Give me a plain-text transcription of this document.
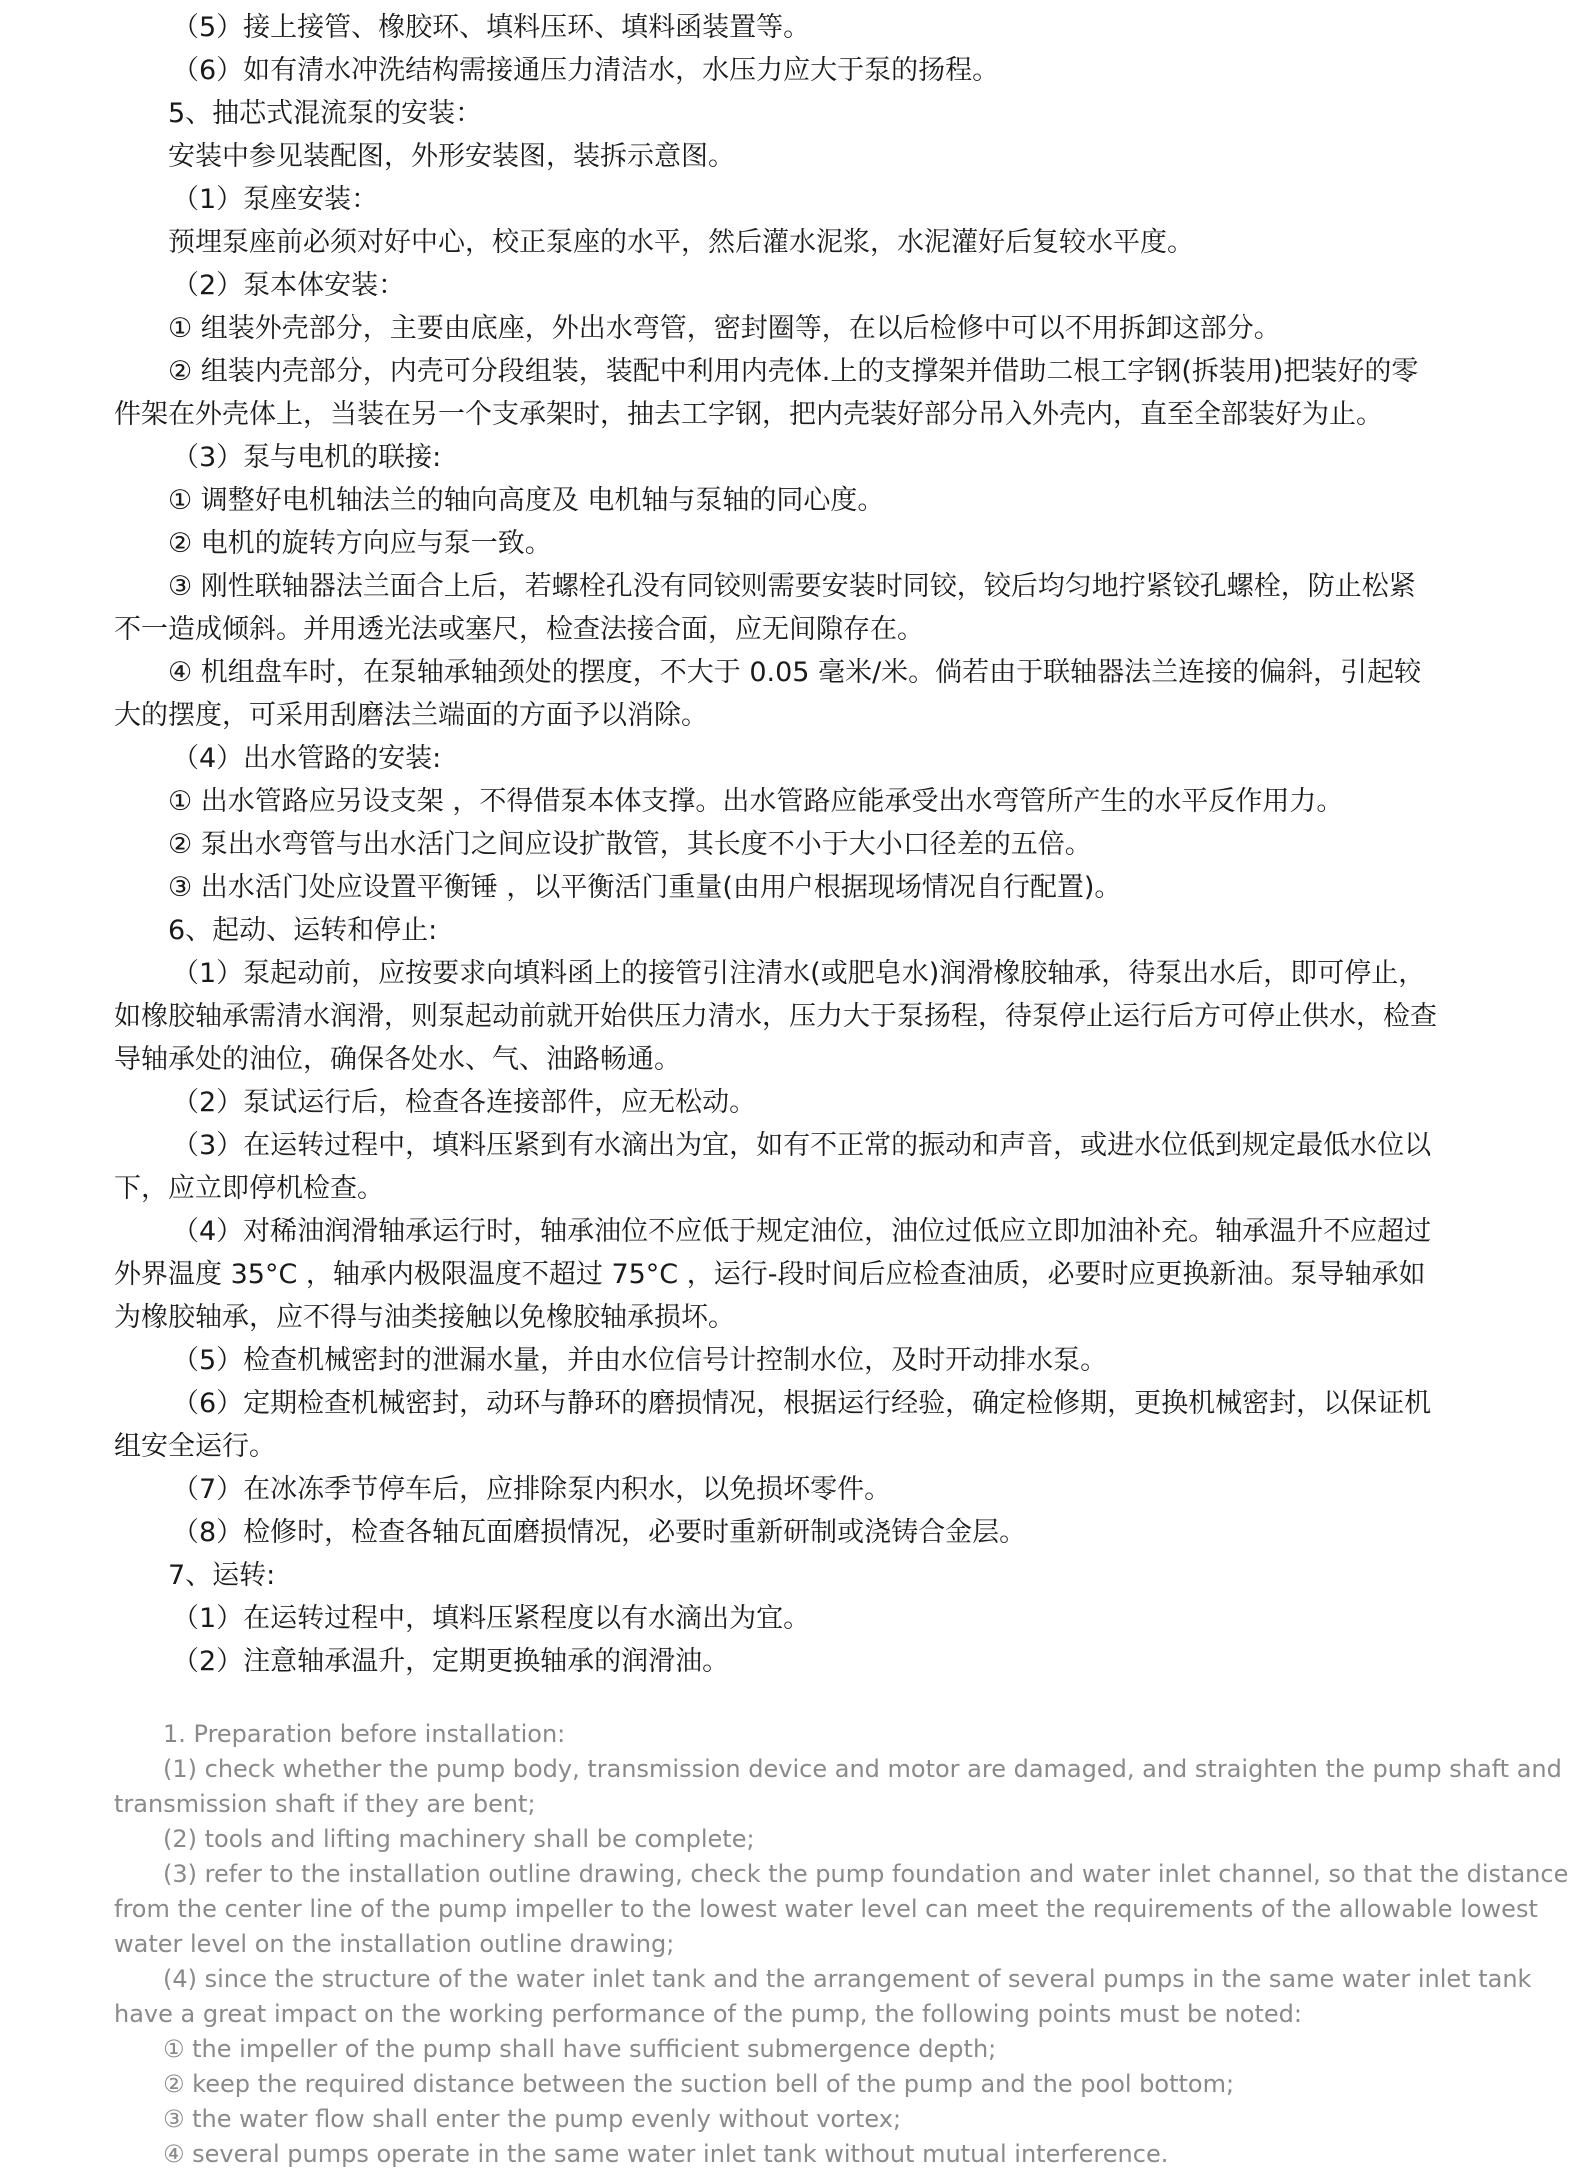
（5）接上接管、橡胶环、填料压环、填料函装置等。

（6）如有清水冲洗结构需接通压力清洁水，水压力应大于泵的扬程。

5、抽芯式混流泵的安装：

安装中参见装配图，外形安装图，装拆示意图。

（1）泵座安装：

预埋泵座前必须对好中心，校正泵座的水平，然后灌水泥浆，水泥灌好后复较水平度。

（2）泵本体安装：

① 组装外壳部分，主要由底座，外出水弯管，密封圈等，在以后检修中可以不用拆卸这部分。

② 组装内壳部分，内壳可分段组装，装配中利用内壳体.上的支撑架并借助二根工字钢(拆装用)把装好的零

件架在外壳体上，当装在另一个支承架时，抽去工字钢，把内壳装好部分吊入外壳内，直至全部装好为止。

（3）泵与电机的联接:

① 调整好电机轴法兰的轴向高度及 电机轴与泵轴的同心度。

② 电机的旋转方向应与泵一致。

③ 刚性联轴器法兰面合上后，若螺栓孔没有同铰则需要安装时同铰，铰后均匀地拧紧铰孔螺栓，防止松紧

不一造成倾斜。并用透光法或塞尺，检查法接合面，应无间隙存在。

④ 机组盘车时，在泵轴承轴颈处的摆度，不大于 0.05 毫米/米。倘若由于联轴器法兰连接的偏斜，引起较

大的摆度，可采用刮磨法兰端面的方面予以消除。

（4）出水管路的安装:

① 出水管路应另设支架 ，不得借泵本体支撑。出水管路应能承受出水弯管所产生的水平反作用力。

② 泵出水弯管与出水活门之间应设扩散管，其长度不小于大小口径差的五倍。

③ 出水活门处应设置平衡锤 ，以平衡活门重量(由用户根据现场情况自行配置)。

6、起动、运转和停止:

（1）泵起动前，应按要求向填料函上的接管引注清水(或肥皂水)润滑橡胶轴承，待泵出水后，即可停止，

如橡胶轴承需清水润滑，则泵起动前就开始供压力清水，压力大于泵扬程，待泵停止运行后方可停止供水，检查

导轴承处的油位，确保各处水、气、油路畅通。

（2）泵试运行后，检查各连接部件，应无松动。

（3）在运转过程中，填料压紧到有水滴出为宜，如有不正常的振动和声音，或进水位低到规定最低水位以

下，应立即停机检查。

（4）对稀油润滑轴承运行时，轴承油位不应低于规定油位，油位过低应立即加油补充。轴承温升不应超过

外界温度 35°C ，轴承内极限温度不超过 75°C ，运行-段时间后应检查油质，必要时应更换新油。泵导轴承如

为橡胶轴承，应不得与油类接触以免橡胶轴承损坏。

（5）检查机械密封的泄漏水量，并由水位信号计控制水位，及时开动排水泵。

（6）定期检查机械密封，动环与静环的磨损情况，根据运行经验，确定检修期，更换机械密封，以保证机

组安全运行。

（7）在冰冻季节停车后，应排除泵内积水，以免损坏零件。

（8）检修时，检查各轴瓦面磨损情况，必要时重新研制或浇铸合金层。

7、运转:

（1）在运转过程中，填料压紧程度以有水滴出为宜。

（2）注意轴承温升，定期更换轴承的润滑油。

1. Preparation before installation:

(1) check whether the pump body, transmission device and motor are damaged, and straighten the pump shaft and

transmission shaft if they are bent;

(2) tools and lifting machinery shall be complete;

(3) refer to the installation outline drawing, check the pump foundation and water inlet channel, so that the distance

from the center line of the pump impeller to the lowest water level can meet the requirements of the allowable lowest

water level on the installation outline drawing;

(4) since the structure of the water inlet tank and the arrangement of several pumps in the same water inlet tank

have a great impact on the working performance of the pump, the following points must be noted:

① the impeller of the pump shall have sufficient submergence depth;

② keep the required distance between the suction bell of the pump and the pool bottom;

③ the water flow shall enter the pump evenly without vortex;

④ several pumps operate in the same water inlet tank without mutual interference.
